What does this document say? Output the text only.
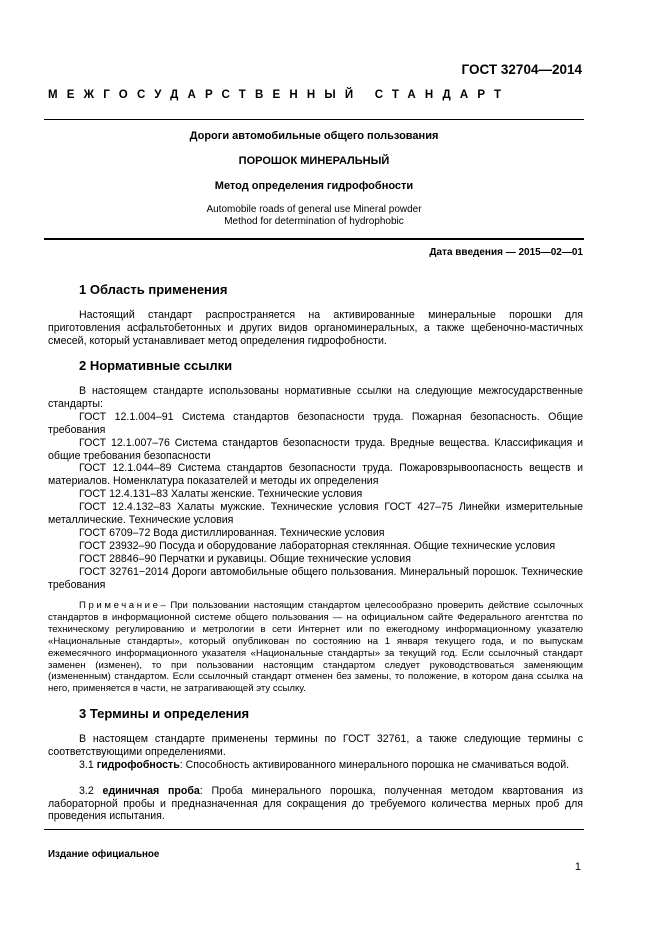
ГОСТ 32704—2014
МЕЖГОСУДАРСТВЕННЫЙ СТАНДАРТ
Дороги автомобильные общего пользования
ПОРОШОК МИНЕРАЛЬНЫЙ
Метод определения гидрофобности
Automobile roads of general use Mineral powder
Method for determination of hydrophobic
Дата введения — 2015—02—01
1 Область применения
Настоящий стандарт распространяется на активированные минеральные порошки для приготовления асфальтобетонных и других видов органоминеральных, а также щебеночно-мастичных смесей, который устанавливает метод определения гидрофобности.
2 Нормативные ссылки
В настоящем стандарте использованы нормативные ссылки на следующие межгосударственные стандарты:
ГОСТ 12.1.004–91 Система стандартов безопасности труда. Пожарная безопасность. Общие требования
ГОСТ 12.1.007–76 Система стандартов безопасности труда. Вредные вещества. Классификация и общие требования безопасности
ГОСТ 12.1.044–89 Система стандартов безопасности труда. Пожаровзрывоопасность веществ и материалов. Номенклатура показателей и методы их определения
ГОСТ 12.4.131–83 Халаты женские. Технические условия
ГОСТ 12.4.132–83 Халаты мужские. Технические условия ГОСТ 427–75 Линейки измерительные металлические. Технические условия
ГОСТ 6709–72 Вода дистиллированная. Технические условия
ГОСТ 23932–90 Посуда и оборудование лабораторная стеклянная. Общие технические условия
ГОСТ 28846–90 Перчатки и рукавицы. Общие технические условия
ГОСТ 32761−2014 Дороги автомобильные общего пользования. Минеральный порошок. Технические требования
Примечание– При пользовании настоящим стандартом целесообразно проверить действие ссылочных стандартов в информационной системе общего пользования — на официальном сайте Федерального агентства по техническому регулированию и метрологии в сети Интернет или по ежегодному информационному указателю «Национальные стандарты», который опубликован по состоянию на 1 января текущего года, и по выпускам ежемесячного информационного указателя «Национальные стандарты» за текущий год. Если ссылочный стандарт заменен (изменен), то при пользовании настоящим стандартом следует руководствоваться заменяющим (измененным) стандартом. Если ссылочный стандарт отменен без замены, то положение, в котором дана ссылка на него, применяется в части, не затрагивающей эту ссылку.
3 Термины и определения
В настоящем стандарте применены термины по ГОСТ 32761, а также следующие термины с соответствующими определениями.
3.1 гидрофобность: Способность активированного минерального порошка не смачиваться водой.
3.2 единичная проба: Проба минерального порошка, полученная методом квартования из лабораторной пробы и предназначенная для сокращения до требуемого количества мерных проб для проведения испытания.
Издание официальное
1
